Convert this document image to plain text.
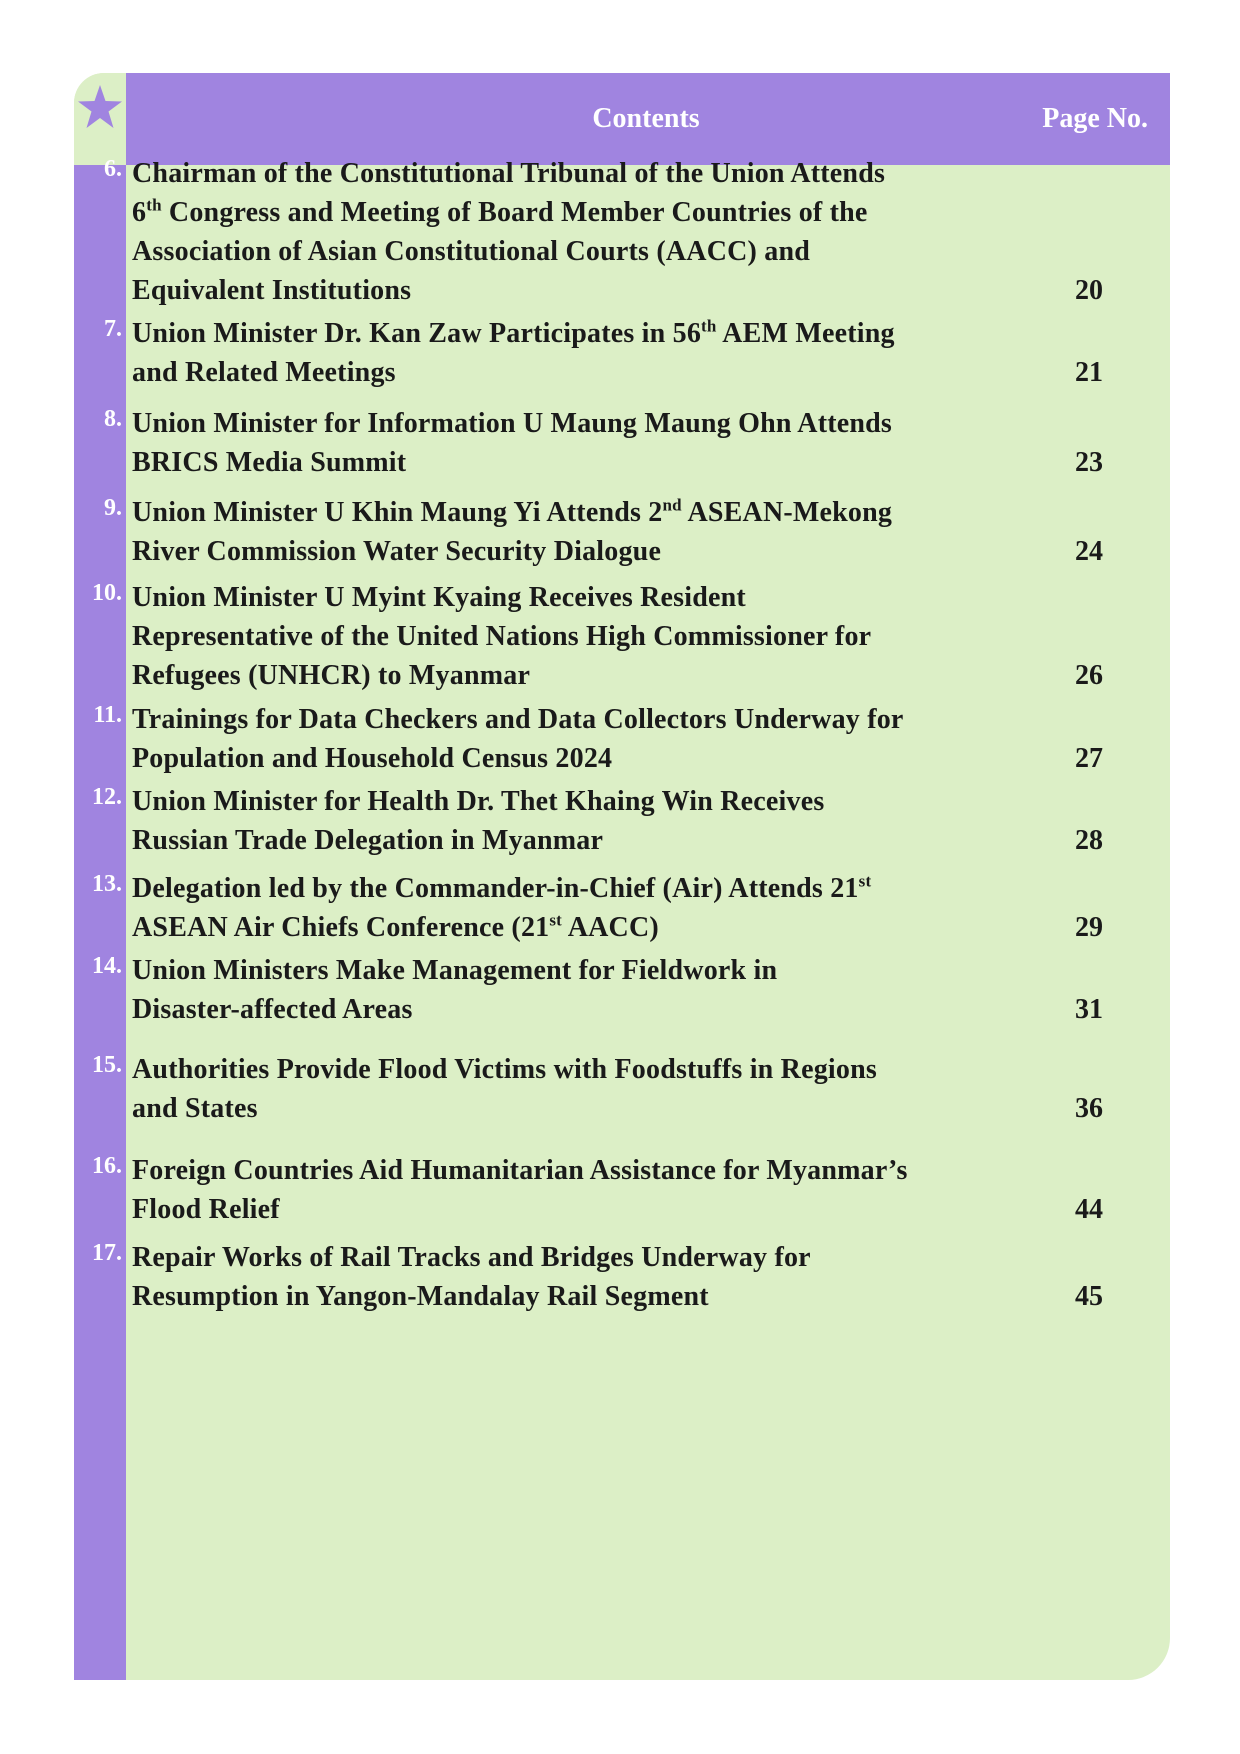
Contents	Page No.
6. Chairman of the Constitutional Tribunal of the Union Attends
6th Congress and Meeting of Board Member Countries of the
Association of Asian Constitutional Courts (AACC) and
Equivalent Institutions	20
7. Union Minister Dr. Kan Zaw Participates in 56th AEM Meeting
and Related Meetings	21
8. Union Minister for Information U Maung Maung Ohn Attends
BRICS Media Summit	23
9. Union Minister U Khin Maung Yi Attends 2nd ASEAN-Mekong
River Commission Water Security Dialogue	24
10. Union Minister U Myint Kyaing Receives Resident
Representative of the United Nations High Commissioner for
Refugees (UNHCR) to Myanmar	26
11. Trainings for Data Checkers and Data Collectors Underway for
Population and Household Census 2024	27
12. Union Minister for Health Dr. Thet Khaing Win Receives
Russian Trade Delegation in Myanmar	28
13. Delegation led by the Commander-in-Chief (Air) Attends 21st
ASEAN Air Chiefs Conference (21st AACC)	29
14. Union Ministers Make Management for Fieldwork in
Disaster-affected Areas	31
15. Authorities Provide Flood Victims with Foodstuffs in Regions
and States	36
16. Foreign Countries Aid Humanitarian Assistance for Myanmar’s
Flood Relief	44
17. Repair Works of Rail Tracks and Bridges Underway for
Resumption in Yangon-Mandalay Rail Segment	45
